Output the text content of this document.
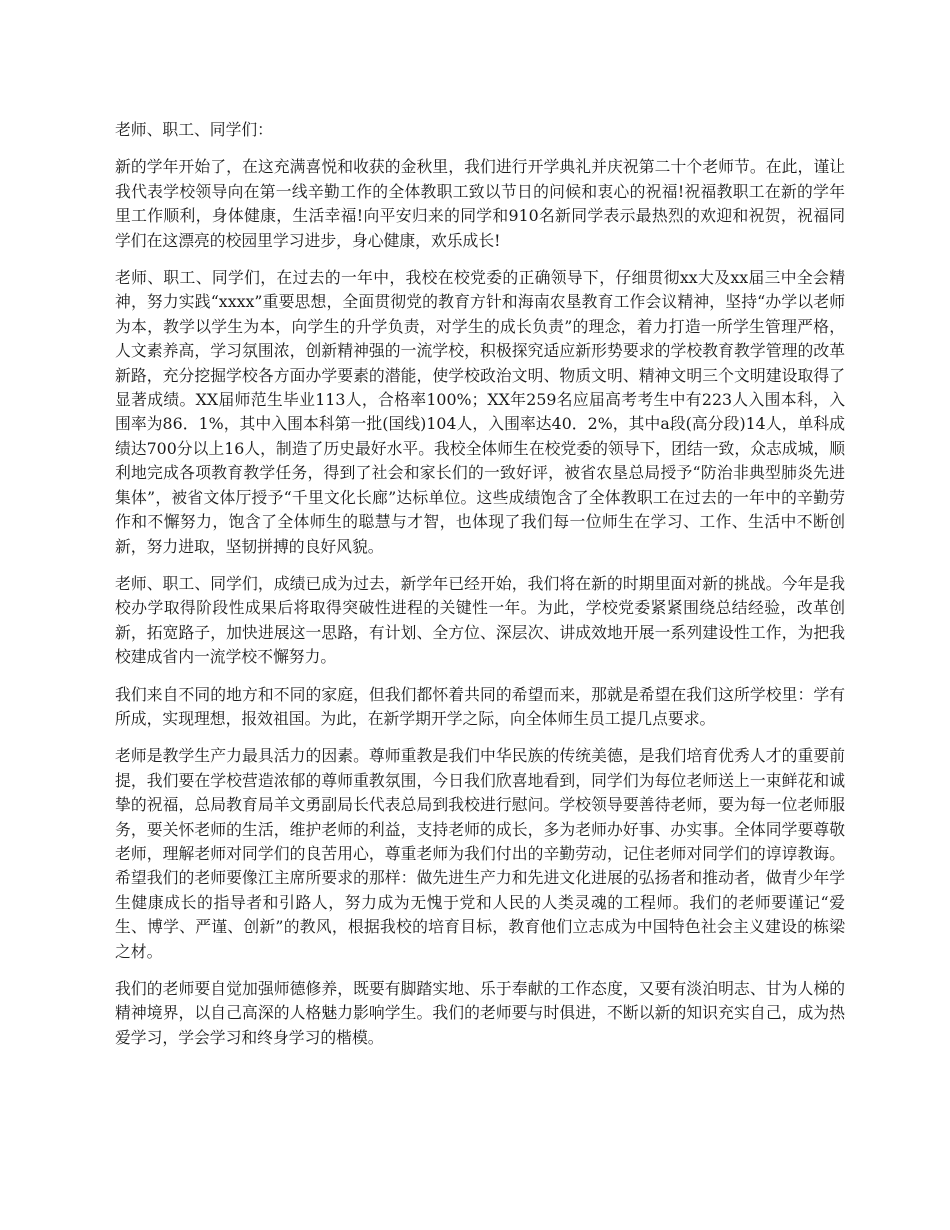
老师、职工、同学们：

新的学年开始了，在这充满喜悦和收获的金秋里，我们进行开学典礼并庆祝第二十个老师节。在此，谨让我代表学校领导向在第一线辛勤工作的全体教职工致以节日的问候和衷心的祝福!祝福教职工在新的学年里工作顺利，身体健康，生活幸福!向平安归来的同学和910名新同学表示最热烈的欢迎和祝贺，祝福同学们在这漂亮的校园里学习进步，身心健康，欢乐成长!

老师、职工、同学们，在过去的一年中，我校在校党委的正确领导下，仔细贯彻xx大及xx届三中全会精神，努力实践“xxxx”重要思想，全面贯彻党的教育方针和海南农垦教育工作会议精神，坚持“办学以老师为本，教学以学生为本，向学生的升学负责，对学生的成长负责”的理念，着力打造一所学生管理严格，人文素养高，学习氛围浓，创新精神强的一流学校，积极探究适应新形势要求的学校教育教学管理的改革新路，充分挖掘学校各方面办学要素的潜能，使学校政治文明、物质文明、精神文明三个文明建设取得了显著成绩。XX届师范生毕业113人，合格率100%；XX年259名应届高考考生中有223人入围本科，入围率为86．1%，其中入围本科第一批(国线)104人，入围率达40．2%，其中a段(高分段)14人，单科成绩达700分以上16人，制造了历史最好水平。我校全体师生在校党委的领导下，团结一致，众志成城，顺利地完成各项教育教学任务，得到了社会和家长们的一致好评，被省农垦总局授予“防治非典型肺炎先进集体”，被省文体厅授予“千里文化长廊”达标单位。这些成绩饱含了全体教职工在过去的一年中的辛勤劳作和不懈努力，饱含了全体师生的聪慧与才智，也体现了我们每一位师生在学习、工作、生活中不断创新，努力进取，坚韧拼搏的良好风貌。

老师、职工、同学们，成绩已成为过去，新学年已经开始，我们将在新的时期里面对新的挑战。今年是我校办学取得阶段性成果后将取得突破性进程的关键性一年。为此，学校党委紧紧围绕总结经验，改革创新，拓宽路子，加快进展这一思路，有计划、全方位、深层次、讲成效地开展一系列建设性工作，为把我校建成省内一流学校不懈努力。

我们来自不同的地方和不同的家庭，但我们都怀着共同的希望而来，那就是希望在我们这所学校里：学有所成，实现理想，报效祖国。为此，在新学期开学之际，向全体师生员工提几点要求。

老师是教学生产力最具活力的因素。尊师重教是我们中华民族的传统美德，是我们培育优秀人才的重要前提，我们要在学校营造浓郁的尊师重教氛围，今日我们欣喜地看到，同学们为每位老师送上一束鲜花和诚挚的祝福，总局教育局羊文勇副局长代表总局到我校进行慰问。学校领导要善待老师，要为每一位老师服务，要关怀老师的生活，维护老师的利益，支持老师的成长，多为老师办好事、办实事。全体同学要尊敬老师，理解老师对同学们的良苦用心，尊重老师为我们付出的辛勤劳动，记住老师对同学们的谆谆教诲。希望我们的老师要像江主席所要求的那样：做先进生产力和先进文化进展的弘扬者和推动者，做青少年学生健康成长的指导者和引路人，努力成为无愧于党和人民的人类灵魂的工程师。我们的老师要谨记“爱生、博学、严谨、创新”的教风，根据我校的培育目标，教育他们立志成为中国特色社会主义建设的栋梁之材。

我们的老师要自觉加强师德修养，既要有脚踏实地、乐于奉献的工作态度，又要有淡泊明志、甘为人梯的精神境界，以自己高深的人格魅力影响学生。我们的老师要与时俱进，不断以新的知识充实自己，成为热爱学习，学会学习和终身学习的楷模。
